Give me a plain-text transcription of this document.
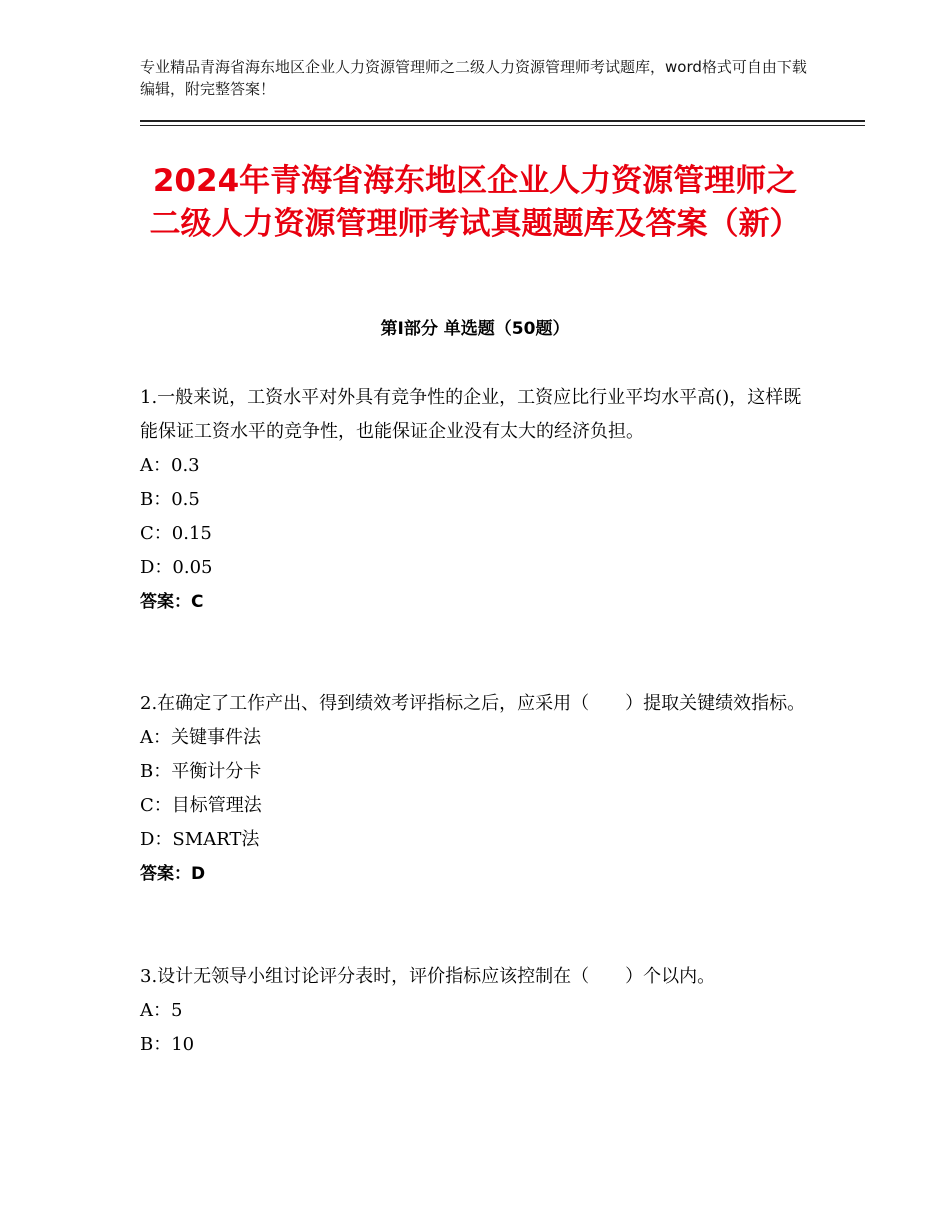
专业精品青海省海东地区企业人力资源管理师之二级人力资源管理师考试题库，word格式可自由下载编辑，附完整答案！
2024年青海省海东地区企业人力资源管理师之二级人力资源管理师考试真题题库及答案（新）
第Ⅰ部分 单选题（50题）

1.一般来说，工资水平对外具有竞争性的企业，工资应比行业平均水平高()，这样既能保证工资水平的竞争性，也能保证企业没有太大的经济负担。

A：0.3

B：0.5

C：0.15

D：0.05

答案：C

2.在确定了工作产出、得到绩效考评指标之后，应采用（　　）提取关键绩效指标。

A：关键事件法

B：平衡计分卡

C：目标管理法

D：SMART法

答案：D

3.设计无领导小组讨论评分表时，评价指标应该控制在（　　）个以内。

A：5

B：10
